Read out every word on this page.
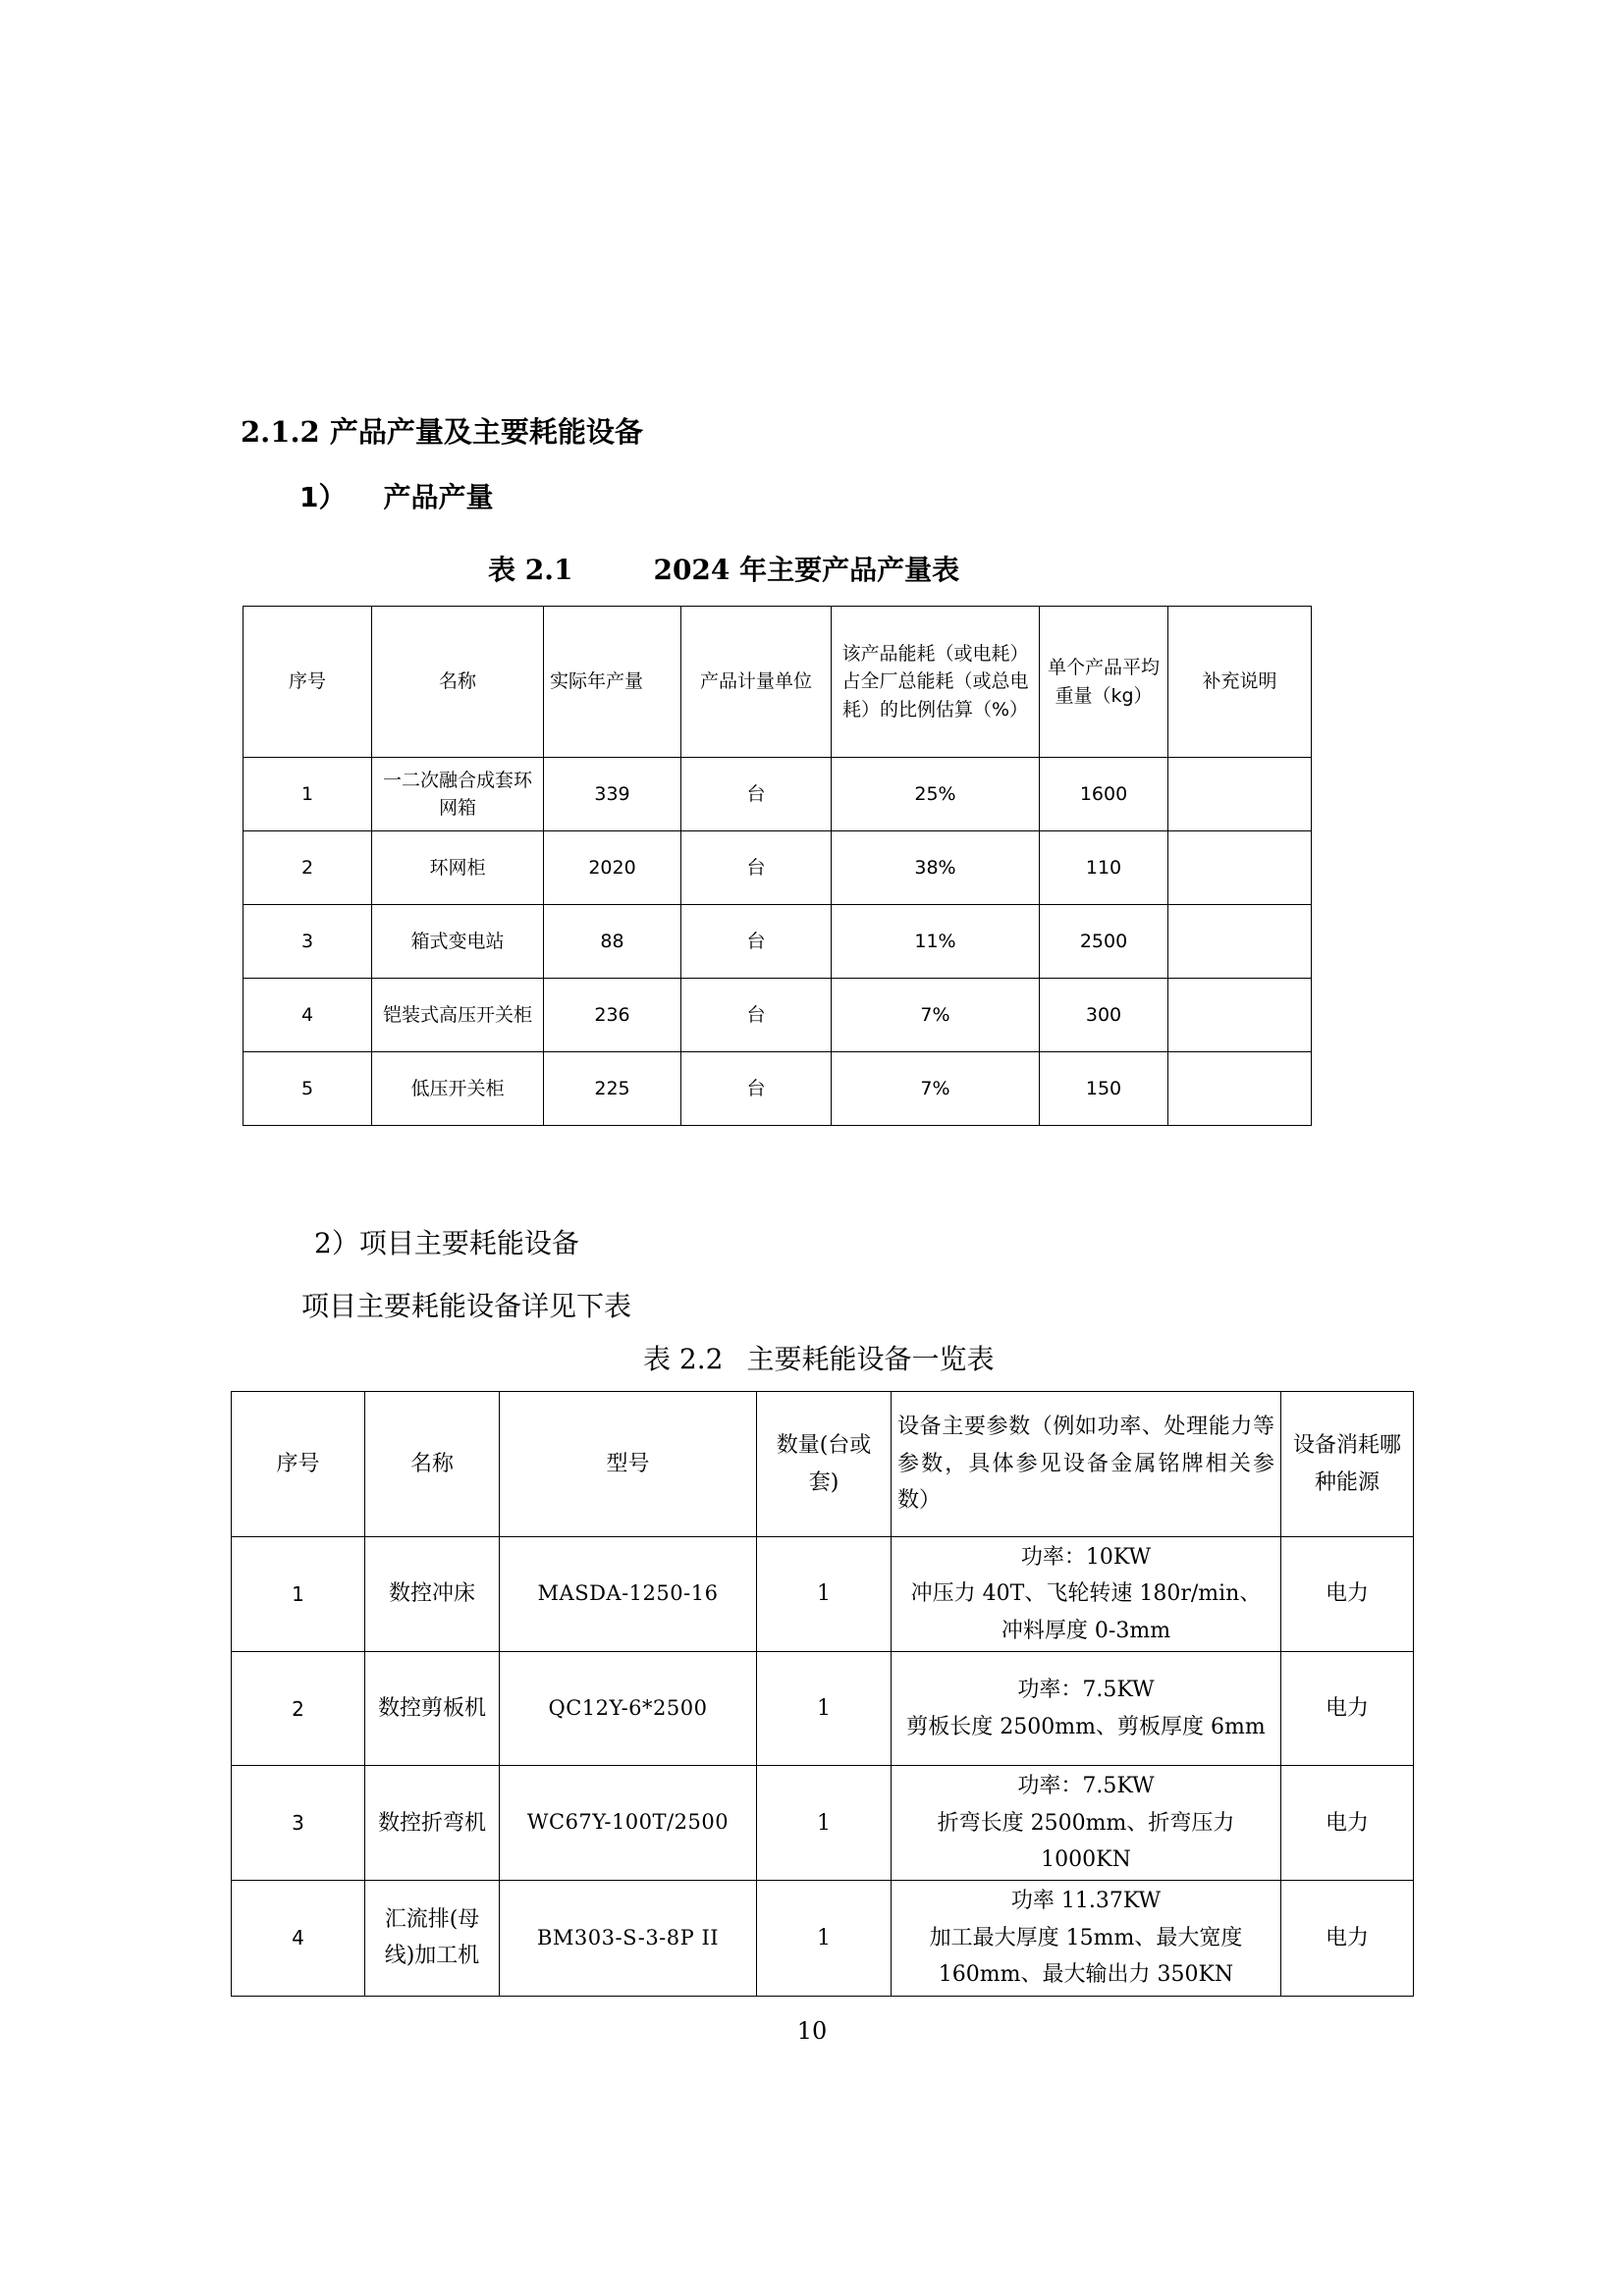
2.1.2 产品产量及主要耗能设备
1） 产品产量
表 2.1	2024 年主要产品产量表
序号	名称	实际年产量	产品计量单位	该产品能耗（或电耗）占全厂总能耗（或总电耗）的比例估算（%）	单个产品平均重量（kg）	补充说明
1	一二次融合成套环网箱	339	台	25%	1600	
2	环网柜	2020	台	38%	110	
3	箱式变电站	88	台	11%	2500	
4	铠装式高压开关柜	236	台	7%	300	
5	低压开关柜	225	台	7%	150	
2）项目主要耗能设备
项目主要耗能设备详见下表
表 2.2 主要耗能设备一览表
序号	名称	型号	数量(台或套)	设备主要参数（例如功率、处理能力等参数，具体参见设备金属铭牌相关参数）	设备消耗哪种能源
1	数控冲床	MASDA-1250-16	1	功率：10KW
冲压力 40T、飞轮转速 180r/min、
冲料厚度 0-3mm	电力
2	数控剪板机	QC12Y-6*2500	1	功率：7.5KW
剪板长度 2500mm、剪板厚度 6mm	电力
3	数控折弯机	WC67Y-100T/2500	1	功率：7.5KW
折弯长度 2500mm、折弯压力 1000KN	电力
4	汇流排(母线)加工机	BM303-S-3-8P II	1	功率 11.37KW
加工最大厚度 15mm、最大宽度
160mm、最大输出力 350KN	电力
10
